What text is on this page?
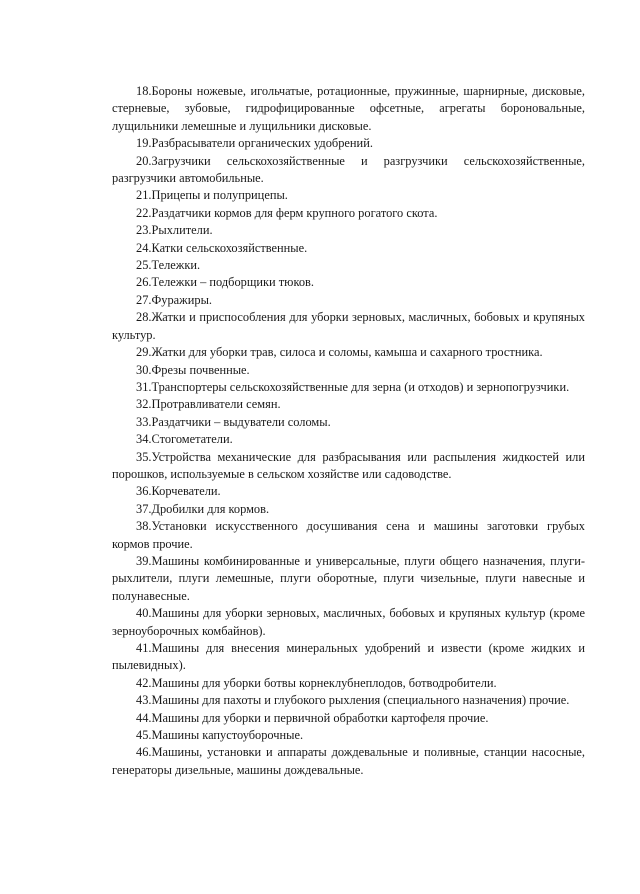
18.Бороны ножевые, игольчатые, ротационные, пружинные, шарнирные, дисковые, стерневые, зубовые, гидрофицированные офсетные, агрегаты бороновальные, лущильники лемешные и лущильники дисковые.

19.Разбрасыватели органических удобрений.

20.Загрузчики сельскохозяйственные и разгрузчики сельскохозяйственные, разгрузчики автомобильные.

21.Прицепы и полуприцепы.

22.Раздатчики кормов для ферм крупного рогатого скота.

23.Рыхлители.

24.Катки сельскохозяйственные.

25.Тележки.

26.Тележки – подборщики тюков.

27.Фуражиры.

28.Жатки и приспособления для уборки зерновых, масличных, бобовых и крупяных культур.

29.Жатки для уборки трав, силоса и соломы, камыша и сахарного тростника.

30.Фрезы почвенные.

31.Транспортеры сельскохозяйственные для зерна (и отходов) и зернопогрузчики.

32.Протравливатели семян.

33.Раздатчики – выдуватели соломы.

34.Стогометатели.

35.Устройства механические для разбрасывания или распыления жидкостей или порошков, используемые в сельском хозяйстве или садоводстве.

36.Корчеватели.

37.Дробилки для кормов.

38.Установки искусственного досушивания сена и машины заготовки грубых кормов прочие.

39.Машины комбинированные и универсальные, плуги общего назначения, плуги-рыхлители, плуги лемешные, плуги оборотные, плуги чизельные, плуги навесные и полунавесные.

40.Машины для уборки зерновых, масличных, бобовых и крупяных культур (кроме зерноуборочных комбайнов).

41.Машины для внесения минеральных удобрений и извести (кроме жидких и пылевидных).

42.Машины для уборки ботвы корнеклубнеплодов, ботводробители.

43.Машины для пахоты и глубокого рыхления (специального назначения) прочие.

44.Машины для уборки и первичной обработки картофеля прочие.

45.Машины капустоуборочные.

46.Машины, установки и аппараты дождевальные и поливные, станции насосные, генераторы дизельные, машины дождевальные.
